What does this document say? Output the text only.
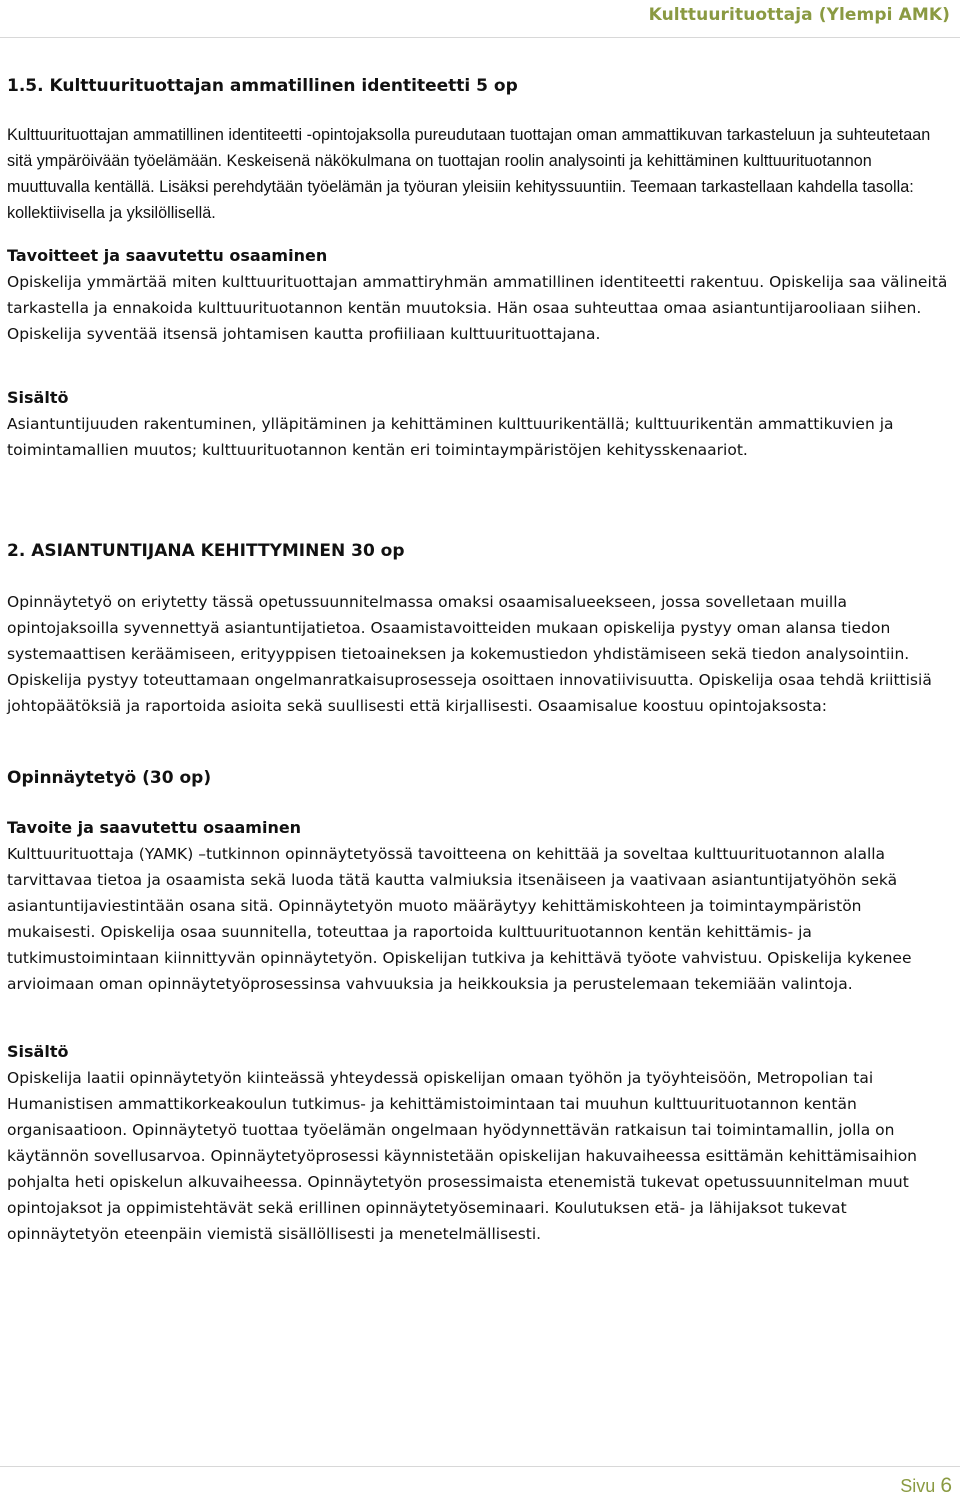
Kulttuurituottaja (Ylempi AMK)
1.5. Kulttuurituottajan ammatillinen identiteetti 5 op

Kulttuurituottajan ammatillinen identiteetti -opintojaksolla pureudutaan tuottajan oman ammattikuvan tarkasteluun ja suhteutetaan sitä ympäröivään työelämään. Keskeisenä näkökulmana on tuottajan roolin analysointi ja kehittäminen kulttuurituotannon muuttuvalla kentällä. Lisäksi perehdytään työelämän ja työuran yleisiin kehityssuuntiin. Teemaan tarkastellaan kahdella tasolla: kollektiivisella ja yksilöllisellä.

Tavoitteet ja saavutettu osaaminen

Opiskelija ymmärtää miten kulttuurituottajan ammattiryhmän ammatillinen identiteetti rakentuu. Opiskelija saa välineitä tarkastella ja ennakoida kulttuurituotannon kentän muutoksia. Hän osaa suhteuttaa omaa asiantuntijarooliaan siihen. Opiskelija syventää itsensä johtamisen kautta profiiliaan kulttuurituottajana.

Sisältö

Asiantuntijuuden rakentuminen, ylläpitäminen ja kehittäminen kulttuurikentällä; kulttuurikentän ammattikuvien ja toimintamallien muutos; kulttuurituotannon kentän eri toimintaympäristöjen kehitysskenaariot.

2. ASIANTUNTIJANA KEHITTYMINEN 30 op

Opinnäytetyö on eriytetty tässä opetussuunnitelmassa omaksi osaamisalueekseen, jossa sovelletaan muilla opintojaksoilla syvennettyä asiantuntijatietoa. Osaamistavoitteiden mukaan opiskelija pystyy oman alansa tiedon systemaattisen keräämiseen, erityyppisen tietoaineksen ja kokemustiedon yhdistämiseen sekä tiedon analysointiin. Opiskelija pystyy toteuttamaan ongelmanratkaisuprosesseja osoittaen innovatiivisuutta. Opiskelija osaa tehdä kriittisiä johtopäätöksiä ja raportoida asioita sekä suullisesti että kirjallisesti. Osaamisalue koostuu opintojaksosta:

Opinnäytetyö (30 op)
Tavoite ja saavutettu osaaminen

Kulttuurituottaja (YAMK) –tutkinnon opinnäytetyössä tavoitteena on kehittää ja soveltaa kulttuurituotannon alalla tarvittavaa tietoa ja osaamista sekä luoda tätä kautta valmiuksia itsenäiseen ja vaativaan asiantuntijatyöhön sekä asiantuntijaviestintään osana sitä. Opinnäytetyön muoto määräytyy kehittämiskohteen ja toimintaympäristön mukaisesti. Opiskelija osaa suunnitella, toteuttaa ja raportoida kulttuurituotannon kentän kehittämis- ja tutkimustoimintaan kiinnittyvän opinnäytetyön. Opiskelijan tutkiva ja kehittävä työote vahvistuu. Opiskelija kykenee arvioimaan oman opinnäytetyöprosessinsa vahvuuksia ja heikkouksia ja perustelemaan tekemiään valintoja.

Sisältö

Opiskelija laatii opinnäytetyön kiinteässä yhteydessä opiskelijan omaan työhön ja työyhteisöön, Metropolian tai Humanistisen ammattikorkeakoulun tutkimus- ja kehittämistoimintaan tai muuhun kulttuurituotannon kentän organisaatioon. Opinnäytetyö tuottaa työelämän ongelmaan hyödynnettävän ratkaisun tai toimintamallin, jolla on käytännön sovellusarvoa. Opinnäytetyöprosessi käynnistetään opiskelijan hakuvaiheessa esittämän kehittämisaihion pohjalta heti opiskelun alkuvaiheessa. Opinnäytetyön prosessimaista etenemistä tukevat opetussuunnitelman muut opintojaksot ja oppimistehtävät sekä erillinen opinnäytetyöseminaari. Koulutuksen etä- ja lähijaksot tukevat opinnäytetyön eteenpäin viemistä sisällöllisesti ja menetelmällisesti.

Sivu 6
